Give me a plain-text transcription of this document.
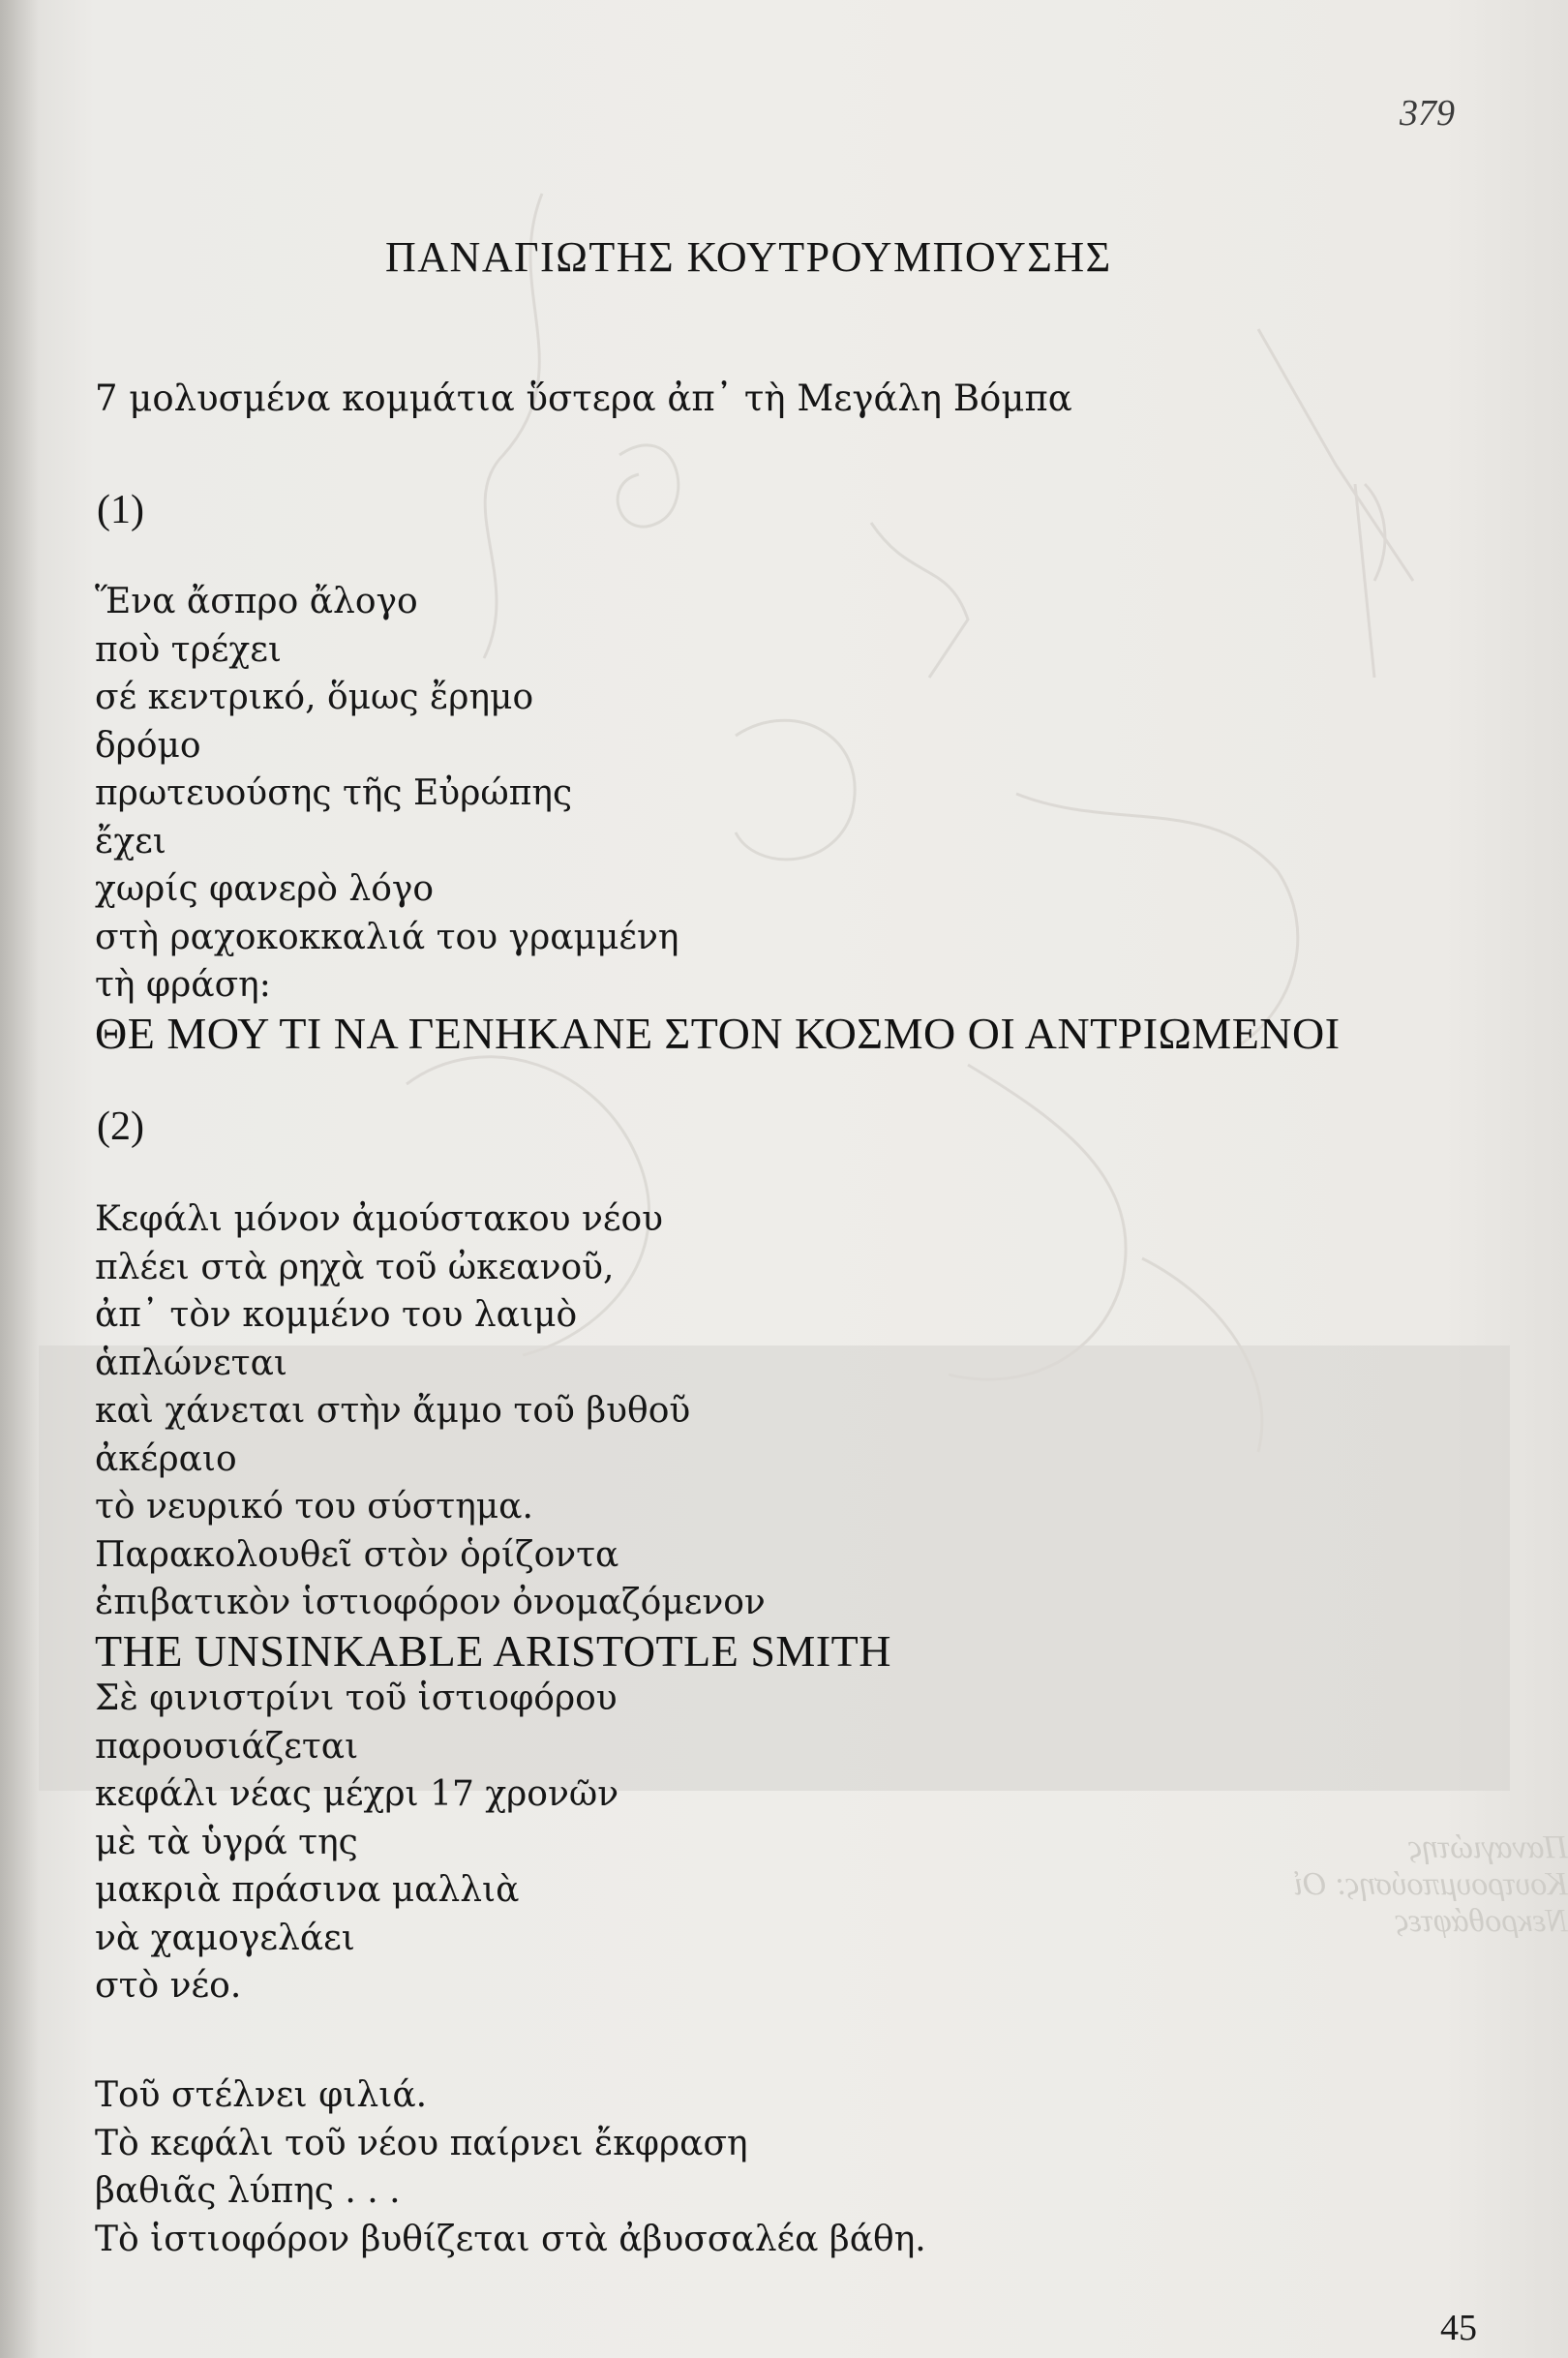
Παναγιώτης Κουτρουμπούσης: Οἱ Νεκροθάφτες
379
ΠΑΝΑΓΙΩΤΗΣ ΚΟΥΤΡΟΥΜΠΟΥΣΗΣ
7 μολυσμένα κομμάτια ὕστερα ἀπ᾽ τὴ Μεγάλη Βόμπα
(1)
Ἕνα ἄσπρο ἄλογο
ποὺ τρέχει
σέ κεντρικό, ὅμως ἔρημο
δρόμο
πρωτευούσης τῆς Εὐρώπης
ἔχει
χωρίς φανερὸ λόγο
στὴ ραχοκοκκαλιά του γραμμένη
τὴ φράση:
ΘΕ ΜΟΥ ΤΙ ΝΑ ΓΕΝΗΚΑΝΕ ΣΤΟΝ ΚΟΣΜΟ ΟΙ ΑΝΤΡΙΩΜΕΝΟΙ
(2)
Κεφάλι μόνον ἀμούστακου νέου
πλέει στὰ ρηχὰ τοῦ ὠκεανοῦ,
ἀπ᾽ τὸν κομμένο του λαιμὸ
ἁπλώνεται
καὶ χάνεται στὴν ἄμμο τοῦ βυθοῦ
ἀκέραιο
τὸ νευρικό του σύστημα.
Παρακολουθεῖ στὸν ὁρίζοντα
ἐπιβατικὸν ἱστιοφόρον ὀνομαζόμενον
THE UNSINKABLE ARISTOTLE SMITH
Σὲ φινιστρίνι τοῦ ἱστιοφόρου
παρουσιάζεται
κεφάλι νέας μέχρι 17 χρονῶν
μὲ τὰ ὑγρά της
μακριὰ πράσινα μαλλιὰ
νὰ χαμογελάει
στὸ νέο.
Τοῦ στέλνει φιλιά.
Τὸ κεφάλι τοῦ νέου παίρνει ἔκφραση
βαθιᾶς λύπης . . .
Τὸ ἱστιοφόρον βυθίζεται στὰ ἀβυσσαλέα βάθη.
45
